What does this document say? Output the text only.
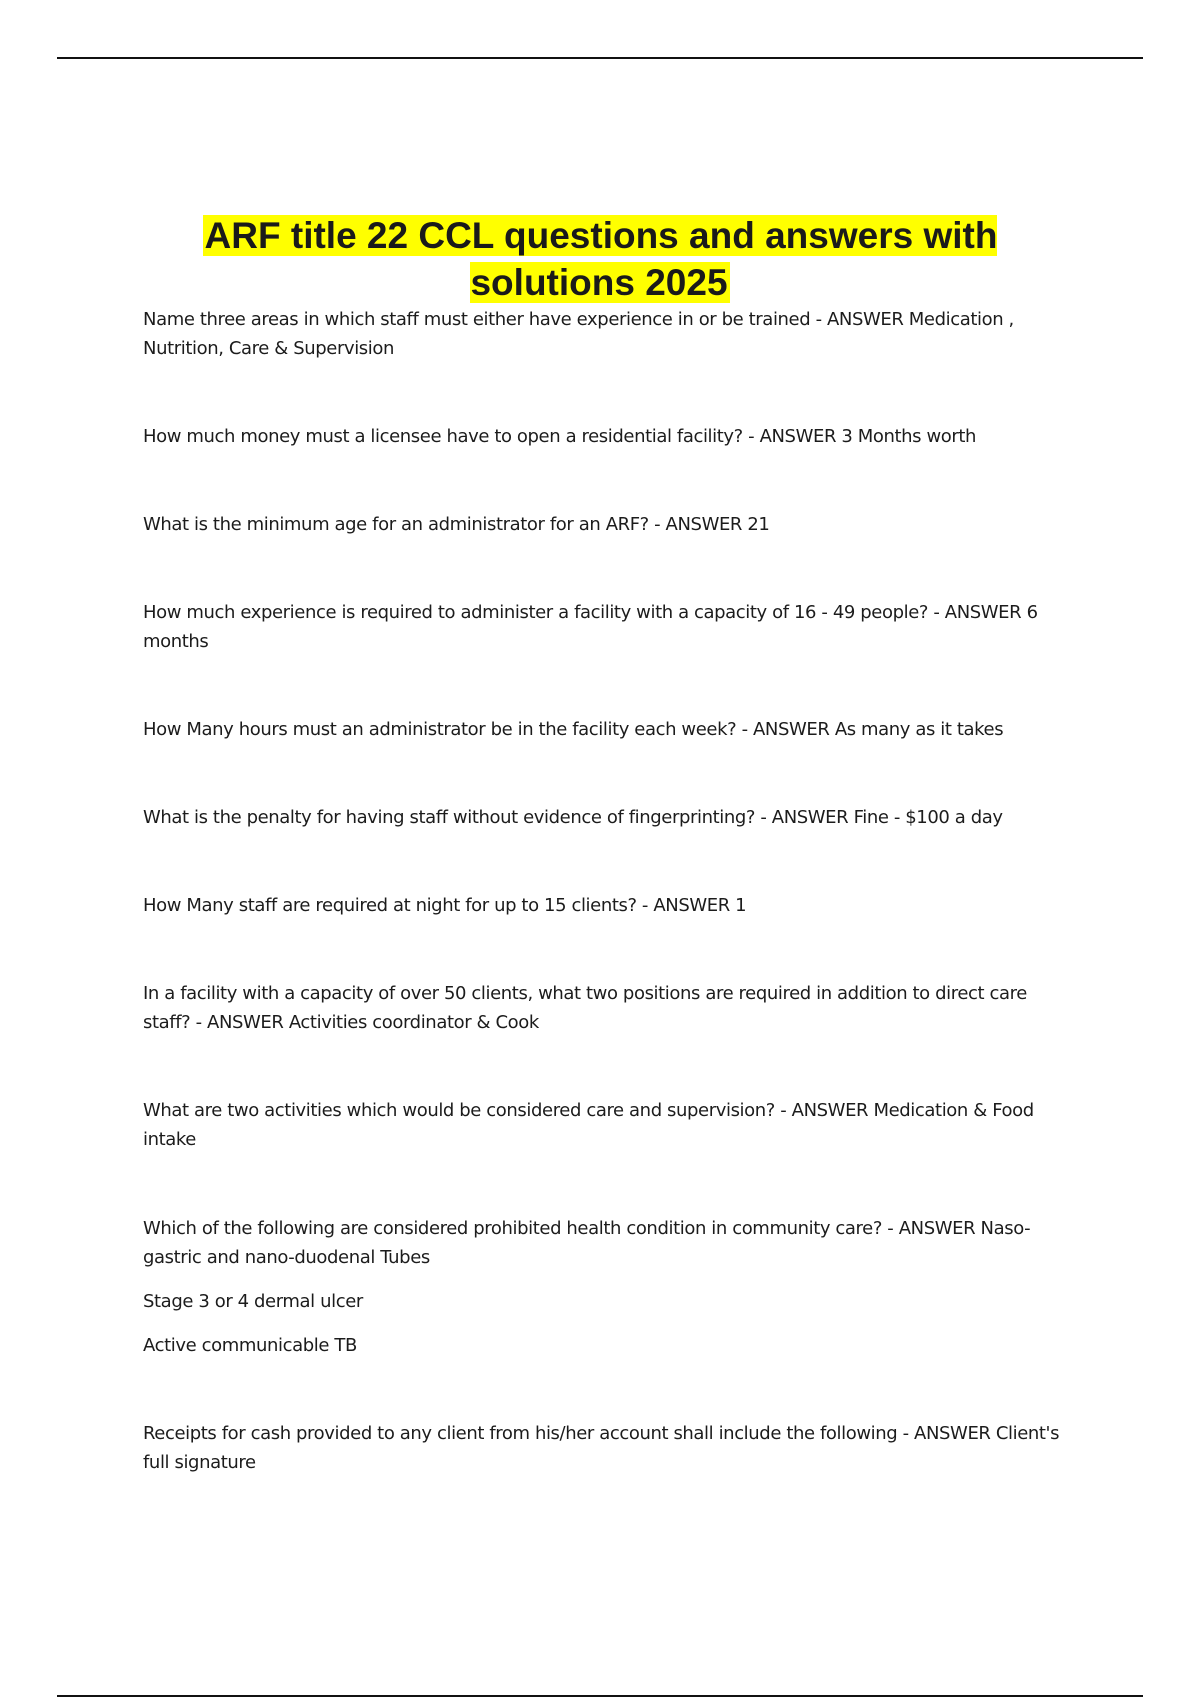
ARF title 22 CCL questions and answers with solutions 2025

Name three areas in which staff must either have experience in or be trained - ANSWER Medication , Nutrition, Care & Supervision

How much money must a licensee have to open a residential facility? - ANSWER 3 Months worth

What is the minimum age for an administrator for an ARF? - ANSWER 21

How much experience is required to administer a facility with a capacity of 16 - 49 people? - ANSWER 6 months

How Many hours must an administrator be in the facility each week? - ANSWER As many as it takes

What is the penalty for having staff without evidence of fingerprinting? - ANSWER Fine - $100 a day

How Many staff are required at night for up to 15 clients? - ANSWER 1

In a facility with a capacity of over 50 clients, what two positions are required in addition to direct care staff? - ANSWER Activities coordinator & Cook

What are two activities which would be considered care and supervision? - ANSWER Medication & Food intake

Which of the following are considered prohibited health condition in community care? - ANSWER Naso-gastric and nano-duodenal Tubes

Stage 3 or 4 dermal ulcer
Active communicable TB

Receipts for cash provided to any client from his/her account shall include the following - ANSWER Client's full signature
